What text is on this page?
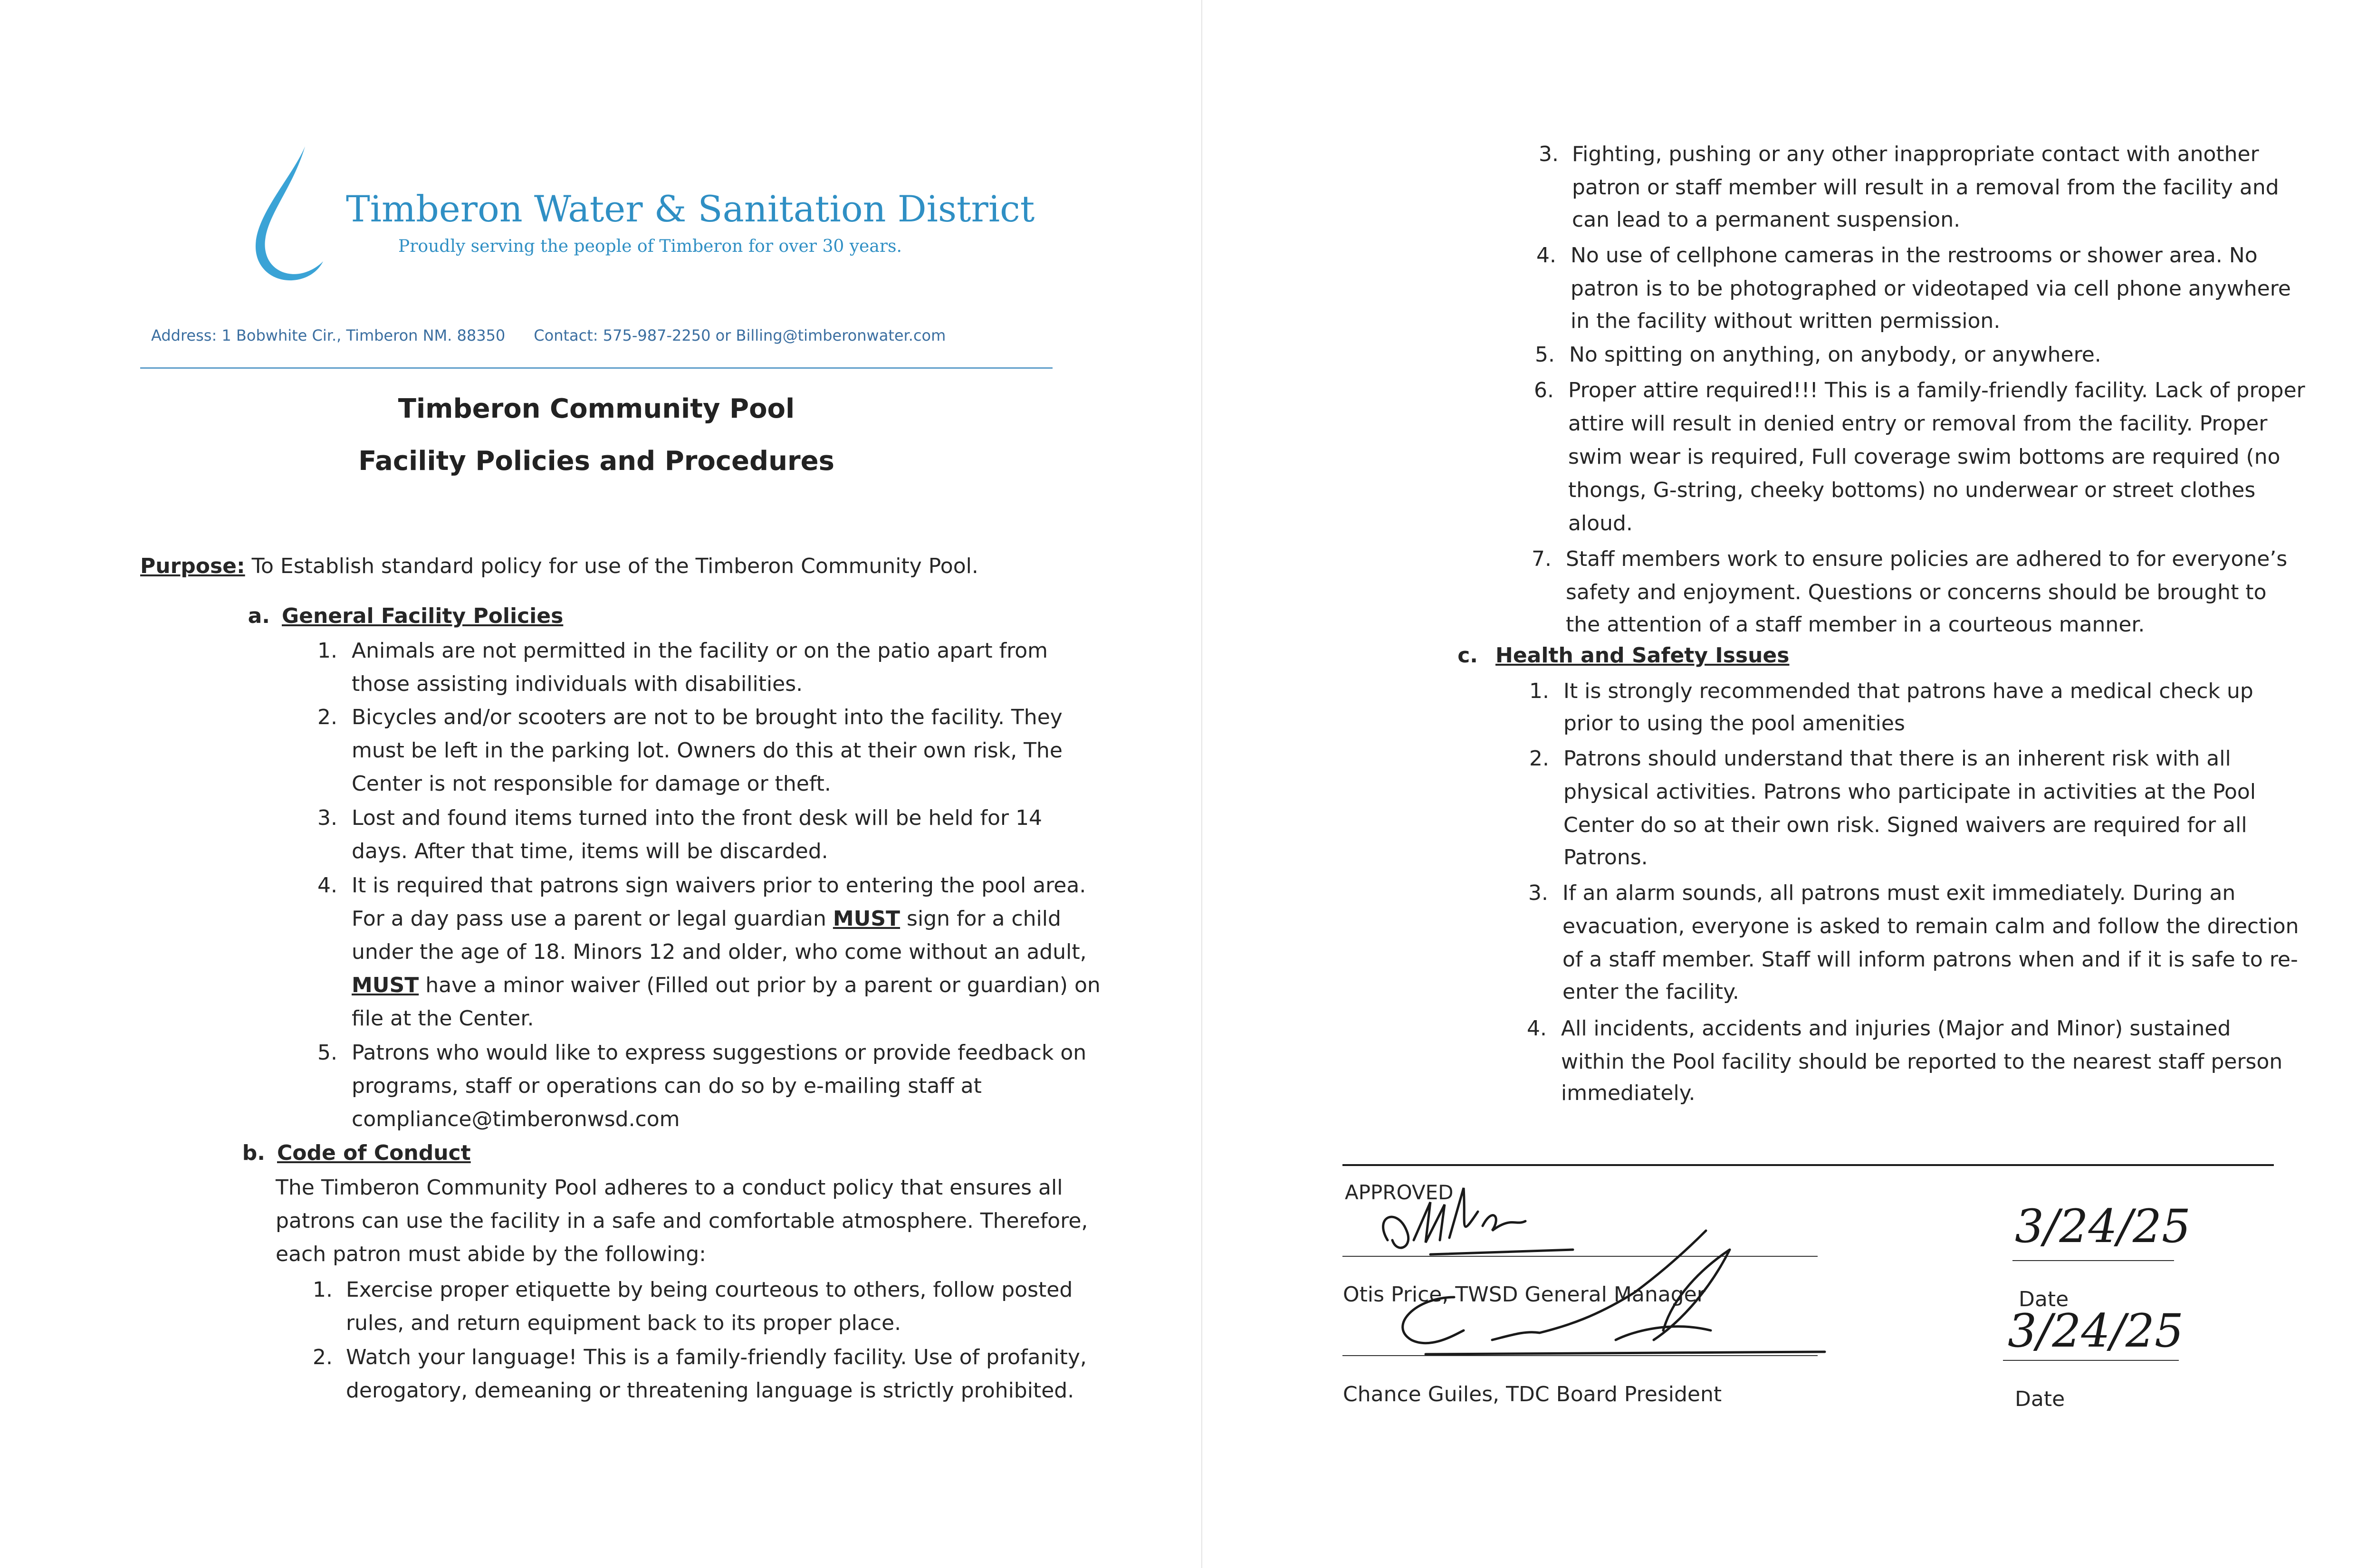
Timberon Water & Sanitation District
Proudly serving the people of Timberon for over 30 years.
Address: 1 Bobwhite Cir., Timberon NM. 88350 Contact: 575-987-2250 or Billing@timberonwater.com
Timberon Community Pool
Facility Policies and Procedures
Purpose: To Establish standard policy for use of the Timberon Community Pool.
a. General Facility Policies
1. Animals are not permitted in the facility or on the patio apart from
those assisting individuals with disabilities.
2. Bicycles and/or scooters are not to be brought into the facility. They
must be left in the parking lot. Owners do this at their own risk, The
Center is not responsible for damage or theft.
3. Lost and found items turned into the front desk will be held for 14
days. After that time, items will be discarded.
4. It is required that patrons sign waivers prior to entering the pool area.
For a day pass use a parent or legal guardian MUST sign for a child
under the age of 18. Minors 12 and older, who come without an adult,
MUST have a minor waiver (Filled out prior by a parent or guardian) on
file at the Center.
5. Patrons who would like to express suggestions or provide feedback on
programs, staff or operations can do so by e-mailing staff at
compliance@timberonwsd.com
b. Code of Conduct
The Timberon Community Pool adheres to a conduct policy that ensures all
patrons can use the facility in a safe and comfortable atmosphere. Therefore,
each patron must abide by the following:
1. Exercise proper etiquette by being courteous to others, follow posted
rules, and return equipment back to its proper place.
2. Watch your language! This is a family-friendly facility. Use of profanity,
derogatory, demeaning or threatening language is strictly prohibited.
3. Fighting, pushing or any other inappropriate contact with another
patron or staff member will result in a removal from the facility and
can lead to a permanent suspension.
4. No use of cellphone cameras in the restrooms or shower area. No
patron is to be photographed or videotaped via cell phone anywhere
in the facility without written permission.
5. No spitting on anything, on anybody, or anywhere.
6. Proper attire required!!! This is a family-friendly facility. Lack of proper
attire will result in denied entry or removal from the facility. Proper
swim wear is required, Full coverage swim bottoms are required (no
thongs, G-string, cheeky bottoms) no underwear or street clothes
aloud.
7. Staff members work to ensure policies are adhered to for everyone’s
safety and enjoyment. Questions or concerns should be brought to
the attention of a staff member in a courteous manner.
c. Health and Safety Issues
1. It is strongly recommended that patrons have a medical check up
prior to using the pool amenities
2. Patrons should understand that there is an inherent risk with all
physical activities. Patrons who participate in activities at the Pool
Center do so at their own risk. Signed waivers are required for all
Patrons.
3. If an alarm sounds, all patrons must exit immediately. During an
evacuation, everyone is asked to remain calm and follow the direction
of a staff member. Staff will inform patrons when and if it is safe to re-
enter the facility.
4. All incidents, accidents and injuries (Major and Minor) sustained
within the Pool facility should be reported to the nearest staff person
immediately.
APPROVED
Otis Price, TWSD General Manager
Chance Guiles, TDC Board President
3/24/25
Date
3/24/25
Date
